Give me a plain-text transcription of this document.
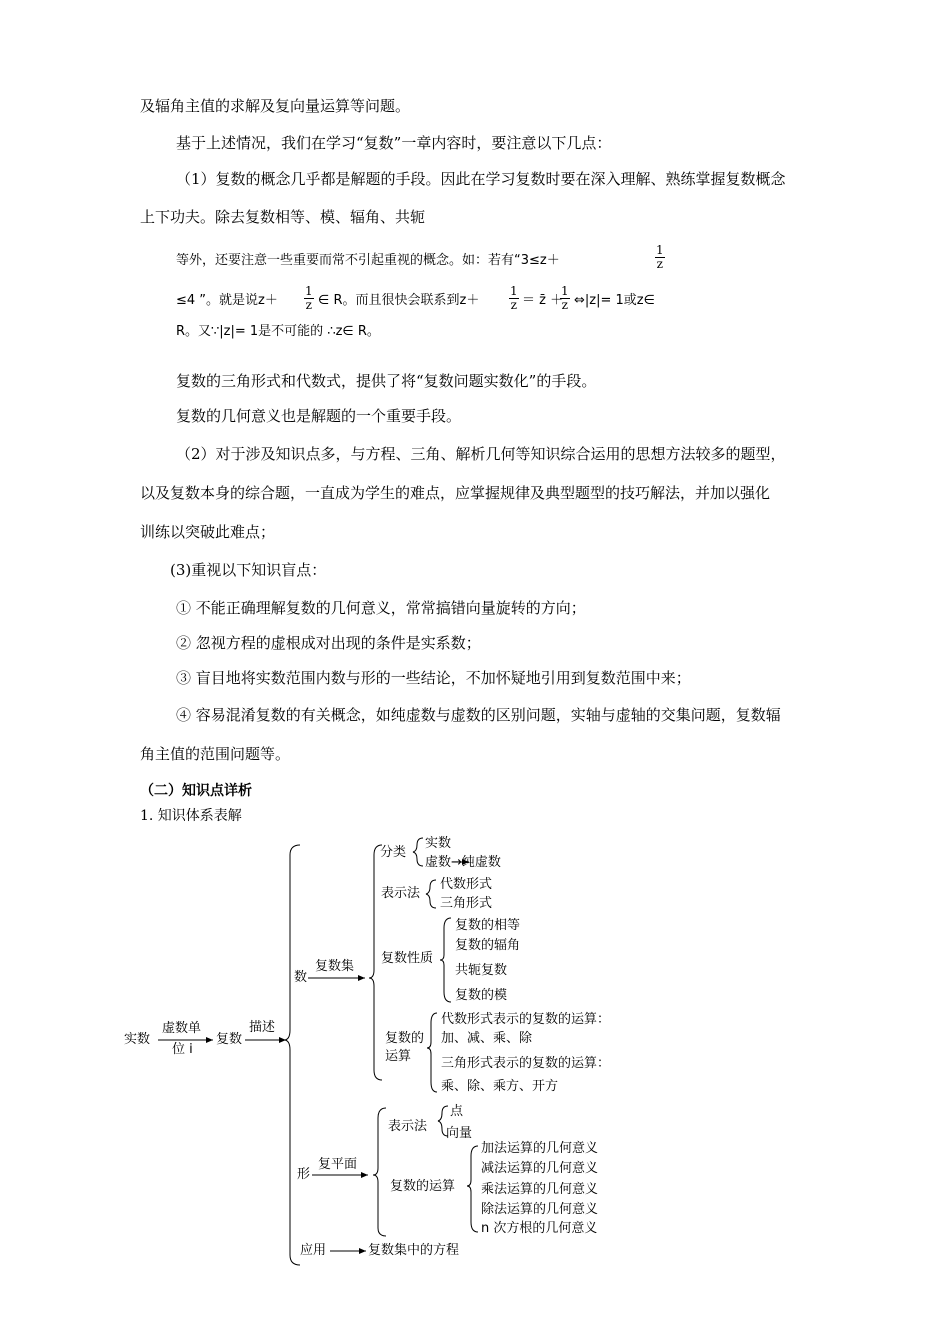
及辐角主值的求解及复向量运算等问题。
基于上述情况，我们在学习“复数”一章内容时，要注意以下几点：
（1）复数的概念几乎都是解题的手段。因此在学习复数时要在深入理解、熟练掌握复数概念
上下功夫。除去复数相等、模、辐角、共轭
等外，还要注意一些重要而常不引起重视的概念。如：若有“3≤z＋	$\frac{1}{z}$
≤4 ”。就是说$z+ \frac{1}{z}$ ∈ R。而且很快会联系到$z+ \frac{1}{z}$ ＝ z̄ ＋
$\frac{1}{z}$ ⇔|z|= 1或z∈
R。又∵|z|= 1是不可能的 ∴z∈ R。
复数的三角形式和代数式，提供了将“复数问题实数化”的手段。
复数的几何意义也是解题的一个重要手段。
（2）对于涉及知识点多，与方程、三角、解析几何等知识综合运用的思想方法较多的题型，
以及复数本身的综合题，一直成为学生的难点，应掌握规律及典型题型的技巧解法，并加以强化
训练以突破此难点；
(3)重视以下知识盲点：
① 不能正确理解复数的几何意义，常常搞错向量旋转的方向；
② 忽视方程的虚根成对出现的条件是实系数；
③ 盲目地将实数范围内数与形的一些结论，不加怀疑地引用到复数范围中来；
④ 容易混淆复数的有关概念，如纯虚数与虚数的区别问题，实轴与虚轴的交集问题，复数辐
角主值的范围问题等。
（二）知识点详析
1. 知识体系表解
实数
虚数单
位 i
复数
描述
数
复数集
分类
实数
虚数→纯虚数
表示法
代数形式
三角形式
复数性质
复数的相等
复数的辐角
共轭复数
复数的模
复数的
运算
代数形式表示的复数的运算：
加、减、乘、除
三角形式表示的复数的运算：
乘、除、乘方、开方
形
复平面
表示法
点
向量
复数的运算
加法运算的几何意义
减法运算的几何意义
乘法运算的几何意义
除法运算的几何意义
n 次方根的几何意义
应用	复数集中的方程
